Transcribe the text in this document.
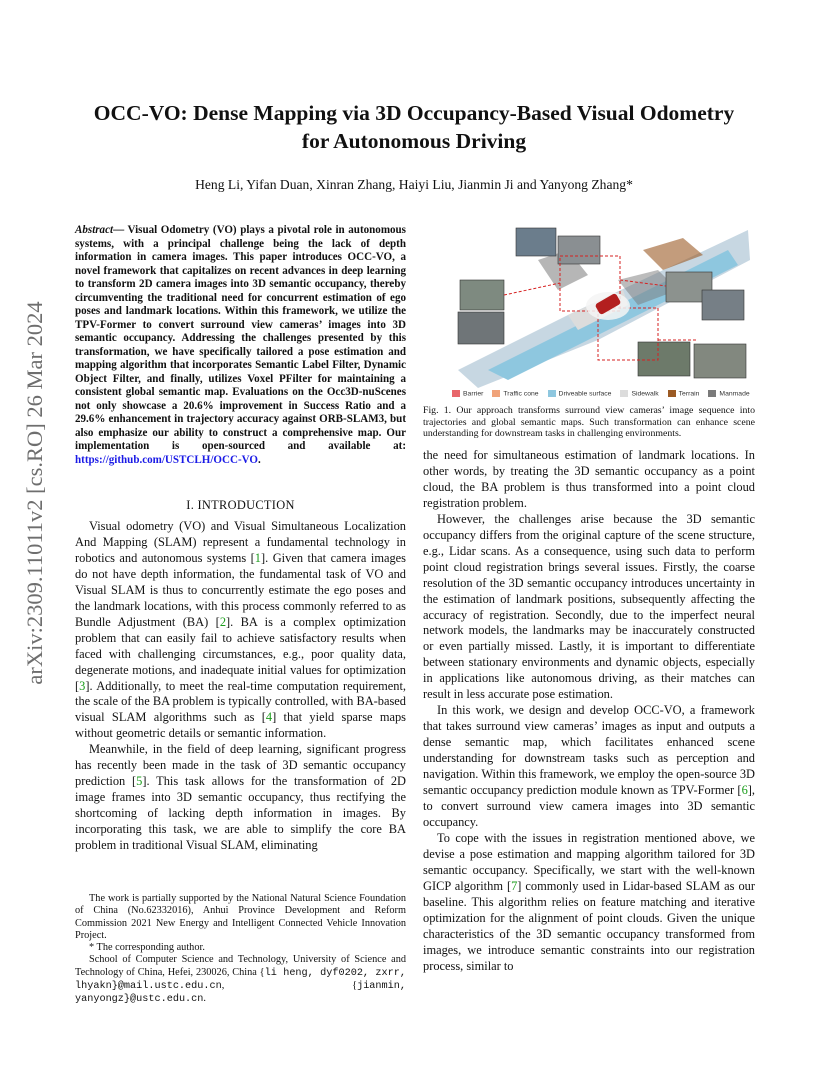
arXiv:2309.11011v2 [cs.RO] 26 Mar 2024
OCC-VO: Dense Mapping via 3D Occupancy-Based Visual Odometry
for Autonomous Driving
Heng Li, Yifan Duan, Xinran Zhang, Haiyi Liu, Jianmin Ji and Yanyong Zhang*
Abstract— Visual Odometry (VO) plays a pivotal role in autonomous systems, with a principal challenge being the lack of depth information in camera images. This paper introduces OCC-VO, a novel framework that capitalizes on recent advances in deep learning to transform 2D camera images into 3D semantic occupancy, thereby circumventing the traditional need for concurrent estimation of ego poses and landmark locations. Within this framework, we utilize the TPV-Former to convert surround view cameras’ images into 3D semantic occupancy. Addressing the challenges presented by this transformation, we have specifically tailored a pose estimation and mapping algorithm that incorporates Semantic Label Filter, Dynamic Object Filter, and finally, utilizes Voxel PFilter for maintaining a consistent global semantic map. Evaluations on the Occ3D-nuScenes not only showcase a 20.6% improvement in Success Ratio and a 29.6% enhancement in trajectory accuracy against ORB-SLAM3, but also emphasize our ability to construct a comprehensive map. Our implementation is open-sourced and available at: https://github.com/USTCLH/OCC-VO.
I. INTRODUCTION

Visual odometry (VO) and Visual Simultaneous Localization And Mapping (SLAM) represent a fundamental technology in robotics and autonomous systems [1]. Given that camera images do not have depth information, the fundamental task of VO and Visual SLAM is thus to concurrently estimate the ego poses and the landmark locations, with this process commonly referred to as Bundle Adjustment (BA) [2]. BA is a complex optimization problem that can easily fail to achieve satisfactory results when faced with challenging circumstances, e.g., poor quality data, degenerate motions, and inadequate initial values for optimization [3]. Additionally, to meet the real-time computation requirement, the scale of the BA problem is typically controlled, with BA-based visual SLAM algorithms such as [4] that yield sparse maps without geometric details or semantic information.

Meanwhile, in the field of deep learning, significant progress has recently been made in the task of 3D semantic occupancy prediction [5]. This task allows for the transformation of 2D image frames into 3D semantic occupancy, thus rectifying the shortcoming of lacking depth information in images. By incorporating this task, we are able to simplify the core BA problem in traditional Visual SLAM, eliminating

The work is partially supported by the National Natural Science Foundation of China (No.62332016), Anhui Province Development and Reform Commission 2021 New Energy and Intelligent Connected Vehicle Innovation Project.

* The corresponding author.

School of Computer Science and Technology, University of Science and Technology of China, Hefei, 230026, China {li heng, dyf0202, zxrr, lhyakn}@mail.ustc.edu.cn, {jianmin, yanyongz}@ustc.edu.cn.

Barrier	Traffic cone	Driveable surface	Sidewalk	Terrain	Manmade
Fig. 1. Our approach transforms surround view cameras’ image sequence into trajectories and global semantic maps. Such transformation can enhance scene understanding for downstream tasks in challenging environments.

the need for simultaneous estimation of landmark locations. In other words, by treating the 3D semantic occupancy as a point cloud, the BA problem is thus transformed into a point cloud registration problem.

However, the challenges arise because the 3D semantic occupancy differs from the original capture of the scene structure, e.g., Lidar scans. As a consequence, using such data to perform point cloud registration brings several issues. Firstly, the coarse resolution of the 3D semantic occupancy introduces uncertainty in the estimation of landmark positions, subsequently affecting the accuracy of registration. Secondly, due to the imperfect neural network models, the landmarks may be inaccurately constructed or even partially missed. Lastly, it is important to differentiate between stationary environments and dynamic objects, especially in applications like autonomous driving, as their matches can result in less accurate pose estimation.

In this work, we design and develop OCC-VO, a framework that takes surround view cameras’ images as input and outputs a dense semantic map, which facilitates enhanced scene understanding for downstream tasks such as perception and navigation. Within this framework, we employ the open-source 3D semantic occupancy prediction module known as TPV-Former [6], to convert surround view camera images into 3D semantic occupancy.

To cope with the issues in registration mentioned above, we devise a pose estimation and mapping algorithm tailored for 3D semantic occupancy. Specifically, we start with the well-known GICP algorithm [7] commonly used in Lidar-based SLAM as our baseline. This algorithm relies on feature matching and iterative optimization for the alignment of point clouds. Given the unique characteristics of the 3D semantic occupancy transformed from images, we introduce semantic constraints into our registration process, similar to
